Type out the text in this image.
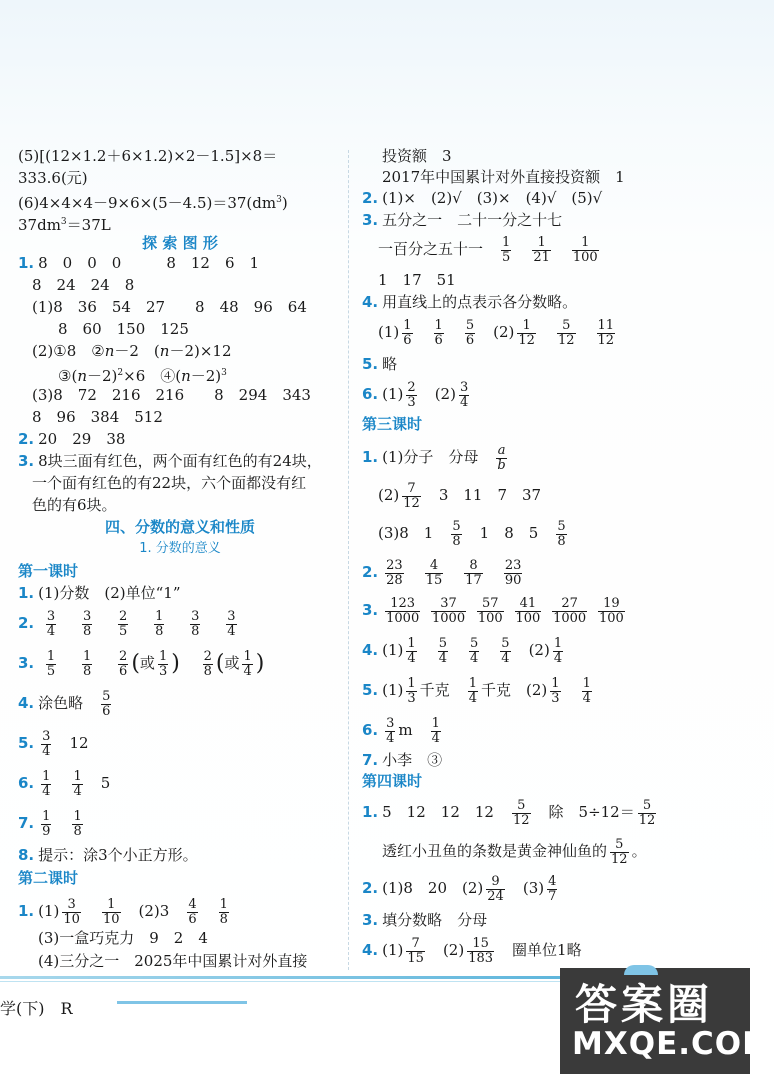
(5)[(12×1.2＋6×1.2)×2－1.5]×8＝
333.6(元)
$(6)4\times 4\times 4-9\times 6\times(5-4.5)=37(dm^3)$
$37dm^3=37L$
探 索 图 形
1. 8　0　0　0　　　8　12　6　1
8　24　24　8
(1)8　36　54　27　　8　48　96　64
8　60　150　125
(2)①8　②n－2　(n－2)×12
$③(n-2)^2\times 6$　$④(n-2)^3$
(3)8　72　216　216　　8　294　343
8　96　384　512
2. 20　29　38
3. 8块三面有红色，两个面有红色的有24块，
一个面有红色的有22块，六个面都没有红
色的有6块。
四、分数的意义和性质
1. 分数的意义
第一课时
1. (1)分数　(2)单位“1”
2. $\frac{3}{4}$
　 $\frac{3}{8}$
　 $\frac{2}{5}$
　 $\frac{1}{8}$
　 $\frac{3}{8}$
　 $\frac{3}{4}$
3. $\frac{1}{5}$
　 $\frac{1}{8}$
　 $\frac{2}{6}$ (或 $\frac{1}{3}$ )　 $\frac{2}{8}$ (或 $\frac{1}{4}$ )
4. 涂色略　 $\frac{5}{6}$
5. $\frac{3}{4}$
　 12
6. $\frac{1}{4}$
　 $\frac{1}{4}$
　 5
7. $\frac{1}{9}$
　 $\frac{1}{8}$
8. 提示：涂3个小正方形。
第二课时
1. $(1) \frac{3}{10}$
　 $\frac{1}{10}$
　 (2)3　 $\frac{4}{6}$
　 $\frac{1}{8}$
(3)一盒巧克力　9　2　4
(4)三分之一　2025年中国累计对外直接
投资额　3
2017年中国累计对外直接投资额　1
2. (1)×　(2)√　(3)×　(4)√　(5)√
3. 五分之一　二十一分之十七
一百分之五十一　 $\frac{1}{5}$
　 $\frac{1}{21}$
　 $\frac{1}{100}$
1　17　51
4. 用直线上的点表示各分数略。
$(1) \frac{1}{6}$
　 $\frac{1}{6}$
　 $\frac{5}{6}$
　 $(2) \frac{1}{12}$
　 $\frac{5}{12}$
　 $\frac{11}{12}$
5. 略
6. $(1) \frac{2}{3}$
　 $(2) \frac{3}{4}$
第三课时
1. (1)分子　分母　 $\frac{a}{b}$
$(2) \frac{7}{12}$
　 3　11　7　37
(3)8　1　 $\frac{5}{8}$
　 1　8　5　 $\frac{5}{8}$
2. $\frac{23}{28}$
　 $\frac{4}{15}$
　 $\frac{8}{17}$
　 $\frac{23}{90}$
3. $\frac{123}{1000}$
$\frac{37}{1000}$
$\frac{57}{100}$
$\frac{41}{100}$
$\frac{27}{1000}$
$\frac{19}{100}$
4. $(1) \frac{1}{4}$
　 $\frac{5}{4}$
　 $\frac{5}{4}$
　 $\frac{5}{4}$
　 $(2) \frac{1}{4}$
5. $(1) \frac{1}{3}$ 千克　 $\frac{1}{4}$ 千克　 $(2) \frac{1}{3}$
　 $\frac{1}{4}$
6. $\frac{3}{4}$ m　 $\frac{1}{4}$
7. 小李　③
第四课时
1. 5　12　12　12　 $\frac{5}{12}$
　 除　$5\div 12= \frac{5}{12}$
透红小丑鱼的条数是黄金神仙鱼的 $\frac{5}{12}$ 。
2. (1)8　20　$(2) \frac{9}{24}$
　 $(3) \frac{4}{7}$
3. 填分数略　分母
4. $(1) \frac{7}{15}$
　 $(2) \frac{15}{183}$
　 圈单位1略
学(下)　R	答案圈
MXQE.COM
